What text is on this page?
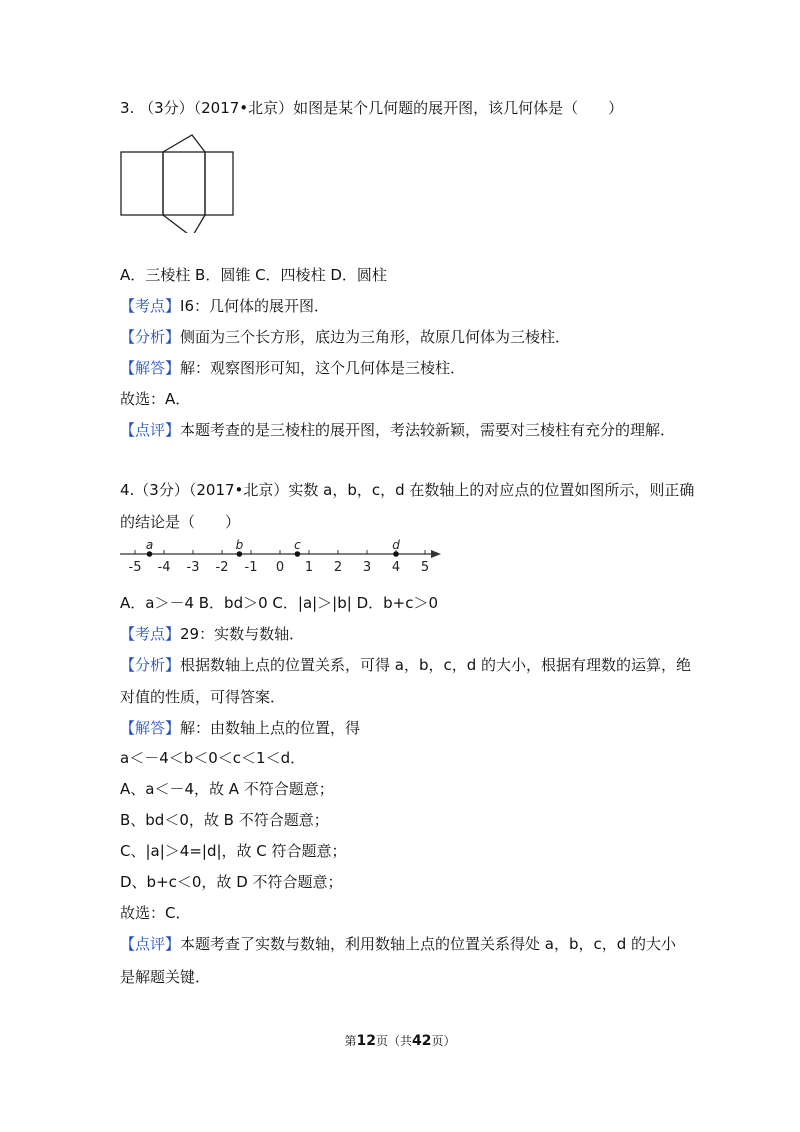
3. （3分）（2017•北京）如图是某个几何题的展开图，该几何体是（　　）
A．三棱柱 B．圆锥 C．四棱柱 D．圆柱
【考点】I6：几何体的展开图．
【分析】侧面为三个长方形，底边为三角形，故原几何体为三棱柱．
【解答】解：观察图形可知，这个几何体是三棱柱．
故选：A．
【点评】本题考查的是三棱柱的展开图，考法较新颖，需要对三棱柱有充分的理解．
4.（3分）（2017•北京）实数 a，b，c，d 在数轴上的对应点的位置如图所示，则正确
的结论是（　　）
-5 -4 -3 -2 -1 0 1 2 3 4 5
a	b	c	d
A．a＞－4 B．bd＞0 C．|a|＞|b| D．b+c＞0
【考点】29：实数与数轴．
【分析】根据数轴上点的位置关系，可得 a，b，c，d 的大小，根据有理数的运算，绝
对值的性质，可得答案．
【解答】解：由数轴上点的位置，得
a＜－4＜b＜0＜c＜1＜d．
A、a＜－4，故 A 不符合题意；
B、bd＜0，故 B 不符合题意；
C、|a|＞4=|d|，故 C 符合题意；
D、b+c＜0，故 D 不符合题意；
故选：C．
【点评】本题考查了实数与数轴，利用数轴上点的位置关系得处 a，b，c，d 的大小
是解题关键．
第12页（共42页）
